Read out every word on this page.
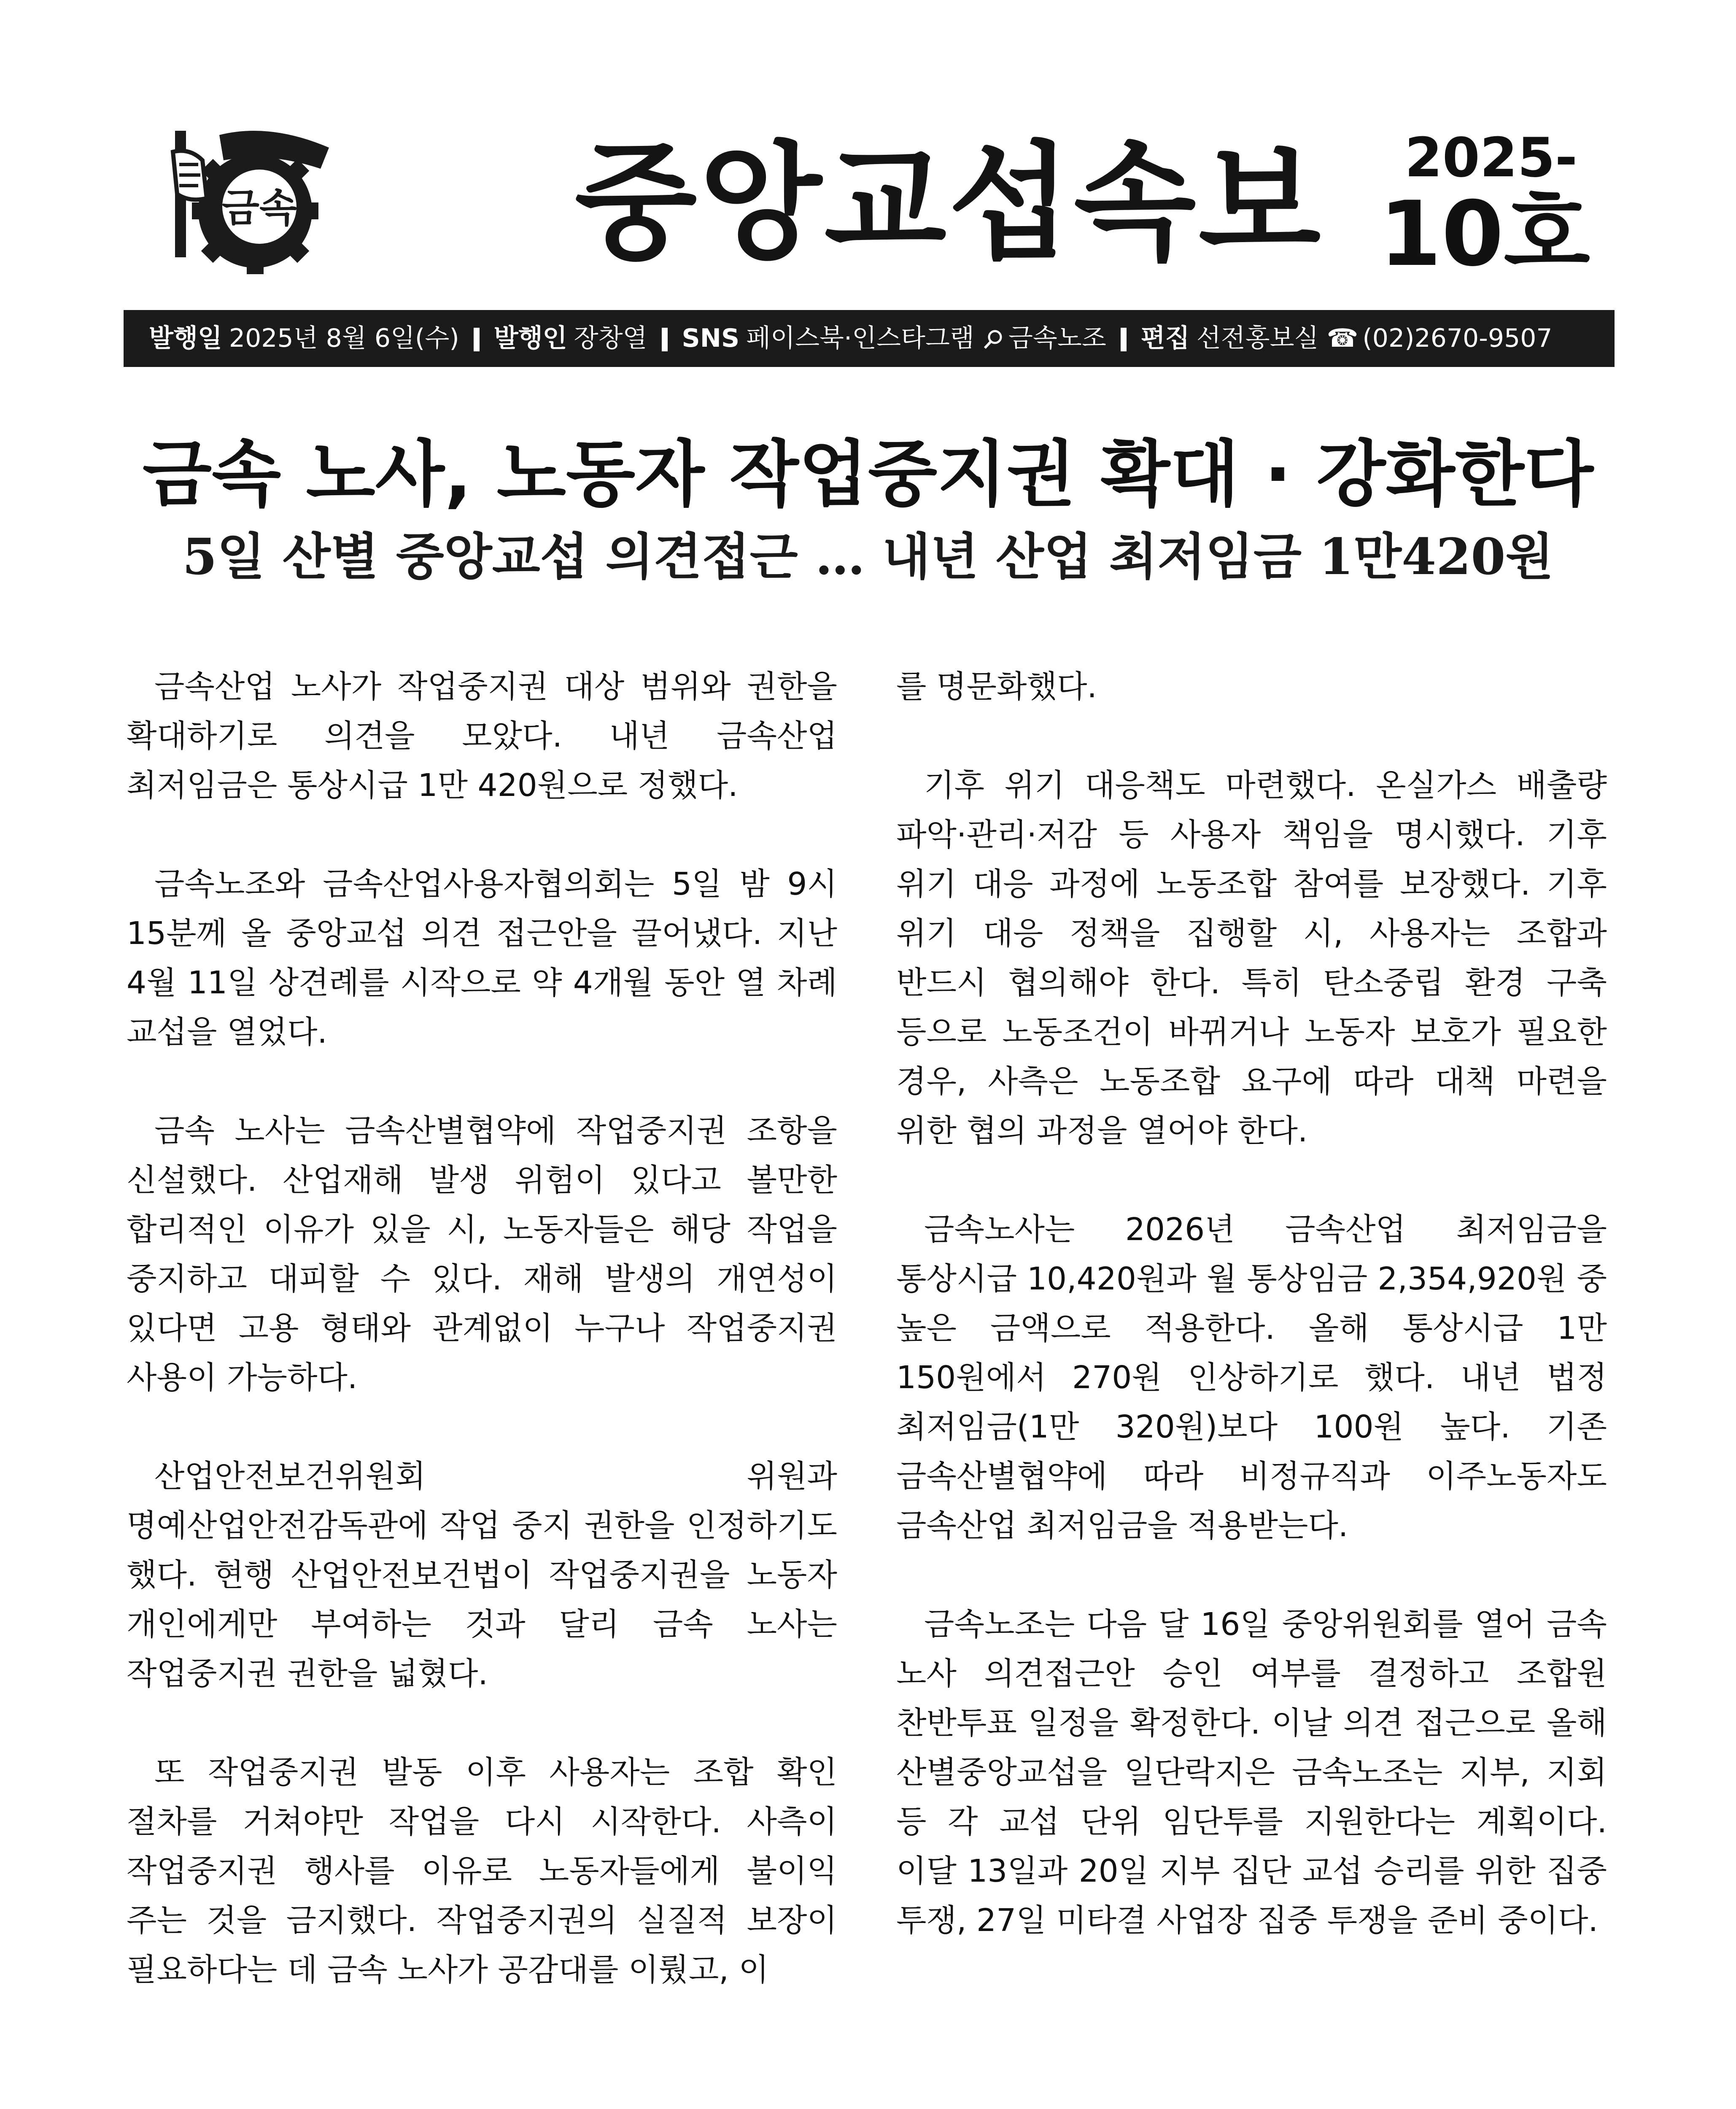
금속 중앙교섭속보	2025-
10호
발행일 2025년 8월 6일(수) 발행인 장창열 SNS 페이스북·인스타그램 금속노조 편집 선전홍보실 ☎ (02)2670-9507
금속 노사, 노동자 작업중지권 확대 · 강화한다
5일 산별 중앙교섭 의견접근 … 내년 산업 최저임금 1만420원

금속산업 노사가 작업중지권 대상 범위와 권한을 확대하기로 의견을 모았다. 내년 금속산업 최저임금은 통상시급 1만 420원으로 정했다.

금속노조와 금속산업사용자협의회는 5일 밤 9시 15분께 올 중앙교섭 의견 접근안을 끌어냈다. 지난 4월 11일 상견례를 시작으로 약 4개월 동안 열 차례 교섭을 열었다.

금속 노사는 금속산별협약에 작업중지권 조항을 신설했다. 산업재해 발생 위험이 있다고 볼만한 합리적인 이유가 있을 시, 노동자들은 해당 작업을 중지하고 대피할 수 있다. 재해 발생의 개연성이 있다면 고용 형태와 관계없이 누구나 작업중지권 사용이 가능하다.

산업안전보건위원회 위원과 명예산업안전감독관에 작업 중지 권한을 인정하기도 했다. 현행 산업안전보건법이 작업중지권을 노동자 개인에게만 부여하는 것과 달리 금속 노사는 작업중지권 권한을 넓혔다.

또 작업중지권 발동 이후 사용자는 조합 확인 절차를 거쳐야만 작업을 다시 시작한다. 사측이 작업중지권 행사를 이유로 노동자들에게 불이익 주는 것을 금지했다. 작업중지권의 실질적 보장이 필요하다는 데 금속 노사가 공감대를 이뤘고, 이

를 명문화했다.

기후 위기 대응책도 마련했다. 온실가스 배출량 파악·관리·저감 등 사용자 책임을 명시했다. 기후 위기 대응 과정에 노동조합 참여를 보장했다. 기후 위기 대응 정책을 집행할 시, 사용자는 조합과 반드시 협의해야 한다. 특히 탄소중립 환경 구축 등으로 노동조건이 바뀌거나 노동자 보호가 필요한 경우, 사측은 노동조합 요구에 따라 대책 마련을 위한 협의 과정을 열어야 한다.

금속노사는 2026년 금속산업 최저임금을 통상시급 10,420원과 월 통상임금 2,354,920원 중 높은 금액으로 적용한다. 올해 통상시급 1만 150원에서 270원 인상하기로 했다. 내년 법정 최저임금(1만 320원)보다 100원 높다. 기존 금속산별협약에 따라 비정규직과 이주노동자도 금속산업 최저임금을 적용받는다.

금속노조는 다음 달 16일 중앙위원회를 열어 금속 노사 의견접근안 승인 여부를 결정하고 조합원 찬반투표 일정을 확정한다. 이날 의견 접근으로 올해 산별중앙교섭을 일단락지은 금속노조는 지부, 지회 등 각 교섭 단위 임단투를 지원한다는 계획이다. 이달 13일과 20일 지부 집단 교섭 승리를 위한 집중 투쟁, 27일 미타결 사업장 집중 투쟁을 준비 중이다.
